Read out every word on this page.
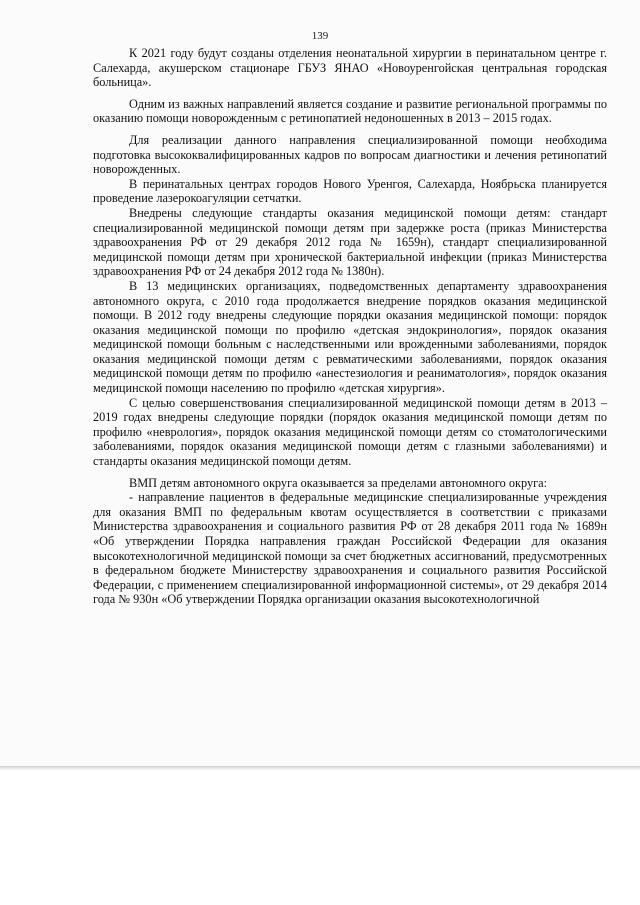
139

К 2021 году будут созданы отделения неонатальной хирургии в перинатальном центре г. Салехарда, акушерском стационаре ГБУЗ ЯНАО «Новоуренгойская центральная городская больница».

Одним из важных направлений является создание и развитие региональной программы по оказанию помощи новорожденным с ретинопатией недоношенных в 2013 – 2015 годах.

Для реализации данного направления специализированной помощи необходима подготовка высококвалифицированных кадров по вопросам диагностики и лечения ретинопатий новорожденных.

В перинатальных центрах городов Нового Уренгоя, Салехарда, Ноябрьска планируется проведение лазерокоагуляции сетчатки.

Внедрены следующие стандарты оказания медицинской помощи детям: стандарт специализированной медицинской помощи детям при задержке роста (приказ Министерства здравоохранения РФ от 29 декабря 2012 года № 1659н), стандарт специализированной медицинской помощи детям при хронической бактериальной инфекции (приказ Министерства здравоохранения РФ от 24 декабря 2012 года № 1380н).

В 13 медицинских организациях, подведомственных департаменту здравоохранения автономного округа, с 2010 года продолжается внедрение порядков оказания медицинской помощи. В 2012 году внедрены следующие порядки оказания медицинской помощи: порядок оказания медицинской помощи по профилю «детская эндокринология», порядок оказания медицинской помощи больным с наследственными или врожденными заболеваниями, порядок оказания медицинской помощи детям с ревматическими заболеваниями, порядок оказания медицинской помощи детям по профилю «анестезиология и реаниматология», порядок оказания медицинской помощи населению по профилю «детская хирургия».

С целью совершенствования специализированной медицинской помощи детям в 2013 – 2019 годах внедрены следующие порядки (порядок оказания медицинской помощи детям по профилю «неврология», порядок оказания медицинской помощи детям со стоматологическими заболеваниями, порядок оказания медицинской помощи детям с глазными заболеваниями) и стандарты оказания медицинской помощи детям.

ВМП детям автономного округа оказывается за пределами автономного округа:

- направление пациентов в федеральные медицинские специализированные учреждения для оказания ВМП по федеральным квотам осуществляется в соответствии с приказами Министерства здравоохранения и социального развития РФ от 28 декабря 2011 года № 1689н «Об утверждении Порядка направления граждан Российской Федерации для оказания высокотехнологичной медицинской помощи за счет бюджетных ассигнований, предусмотренных в федеральном бюджете Министерству здравоохранения и социального развития Российской Федерации, с применением специализированной информационной системы», от 29 декабря 2014 года № 930н «Об утверждении Порядка организации оказания высокотехнологичной
